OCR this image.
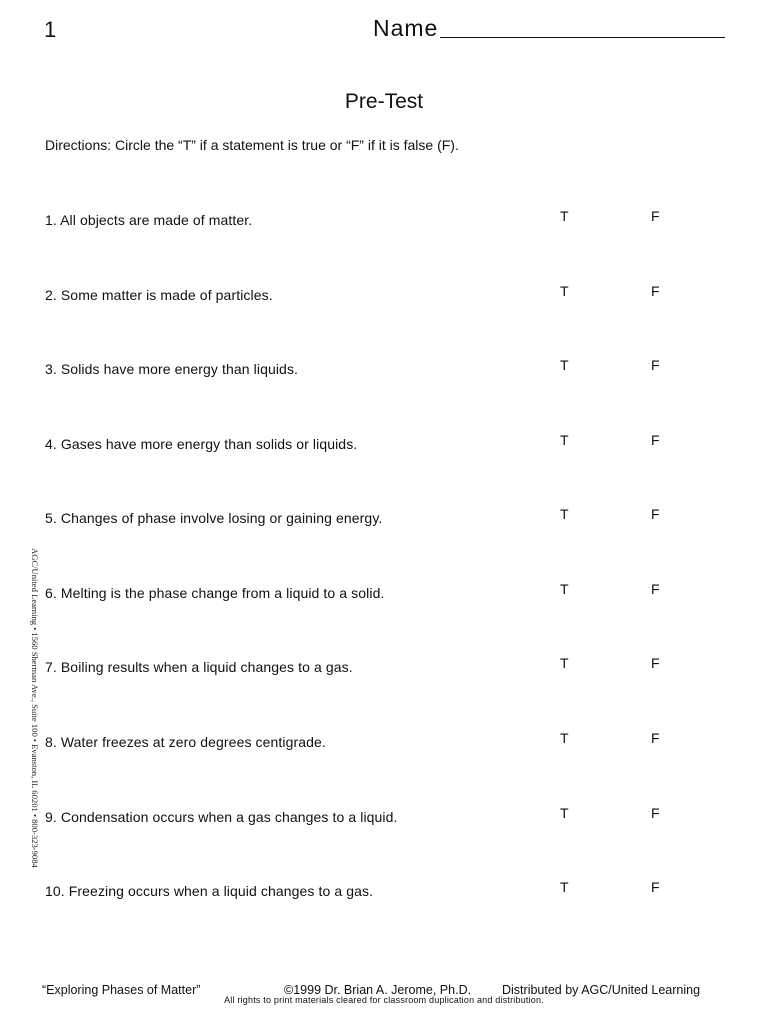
1	Name
Pre-Test
Directions: Circle the “T” if a statement is true or “F” if it is false (F).
1. All objects are made of matter.	T	F
2. Some matter is made of particles.	T	F
3. Solids have more energy than liquids.	T	F
4. Gases have more energy than solids or liquids.	T	F
5. Changes of phase involve losing or gaining energy.	T	F
6. Melting is the phase change from a liquid to a solid.	T	F
7. Boiling results when a liquid changes to a gas.	T	F
8. Water freezes at zero degrees centigrade.	T	F
9. Condensation occurs when a gas changes to a liquid.	T	F
10. Freezing occurs when a liquid changes to a gas.	T	F
AGC/United Learning • 1560 Sherman Ave., Suite 100 • Evanston, IL 60201 • 800-323-9084
“Exploring Phases of Matter”	©1999 Dr. Brian A. Jerome, Ph.D. Distributed by AGC/United Learning
All rights to print materials cleared for classroom duplication and distribution.
